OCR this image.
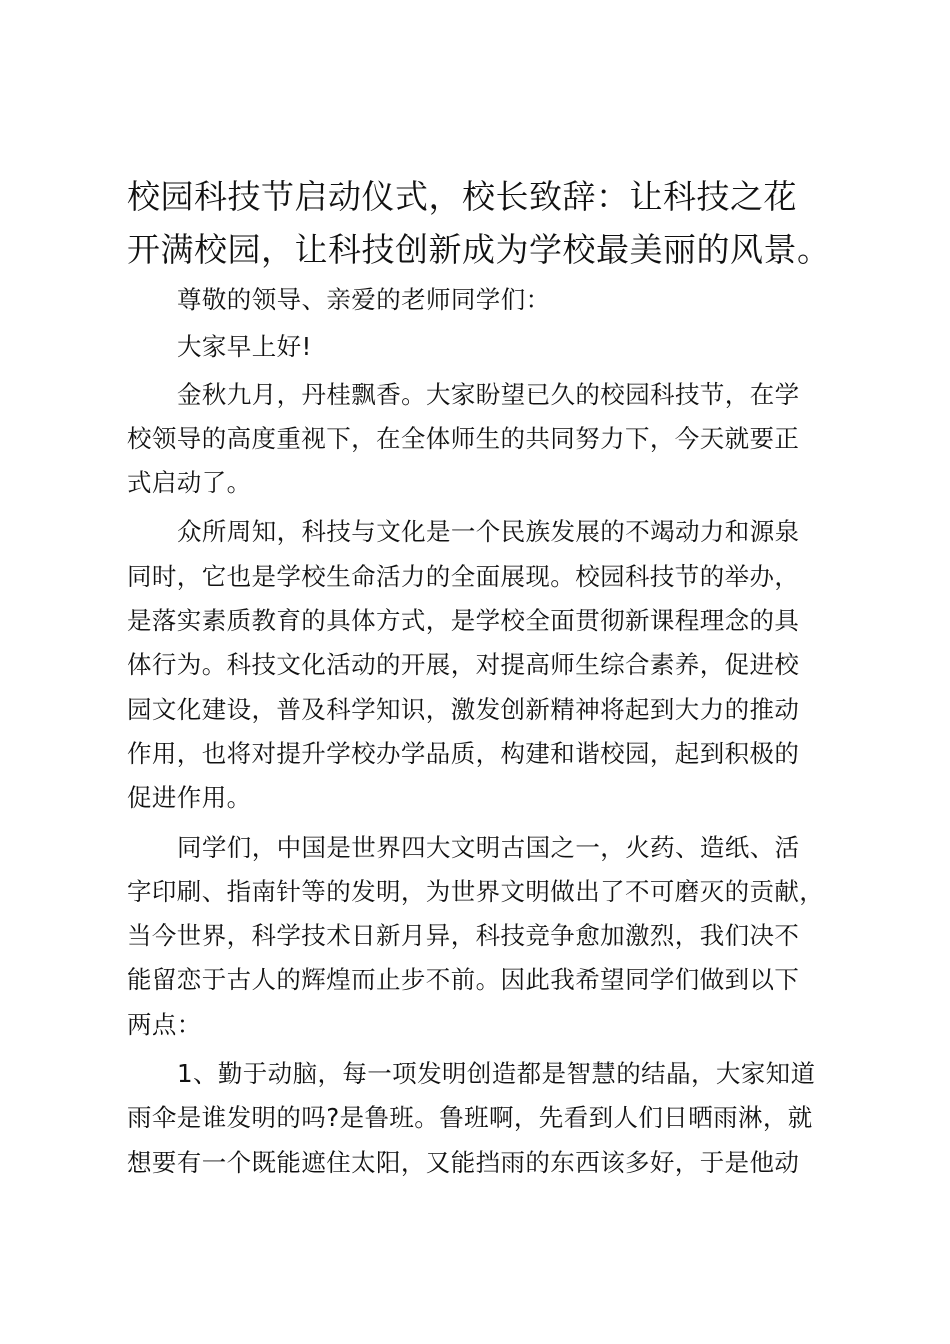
校园科技节启动仪式，校长致辞：让科技之花
开满校园，让科技创新成为学校最美丽的风景。

尊敬的领导、亲爱的老师同学们：

大家早上好!

金秋九月，丹桂飘香。大家盼望已久的校园科技节，在学
校领导的高度重视下，在全体师生的共同努力下，今天就要正
式启动了。

众所周知，科技与文化是一个民族发展的不竭动力和源泉
同时，它也是学校生命活力的全面展现。校园科技节的举办，
是落实素质教育的具体方式，是学校全面贯彻新课程理念的具
体行为。科技文化活动的开展，对提高师生综合素养，促进校
园文化建设，普及科学知识，激发创新精神将起到大力的推动
作用，也将对提升学校办学品质，构建和谐校园，起到积极的
促进作用。

同学们，中国是世界四大文明古国之一，火药、造纸、活
字印刷、指南针等的发明，为世界文明做出了不可磨灭的贡献，
当今世界，科学技术日新月异，科技竞争愈加激烈，我们决不
能留恋于古人的辉煌而止步不前。因此我希望同学们做到以下
两点：

1、勤于动脑，每一项发明创造都是智慧的结晶，大家知道
雨伞是谁发明的吗?是鲁班。鲁班啊，先看到人们日晒雨淋，就
想要有一个既能遮住太阳，又能挡雨的东西该多好，于是他动
